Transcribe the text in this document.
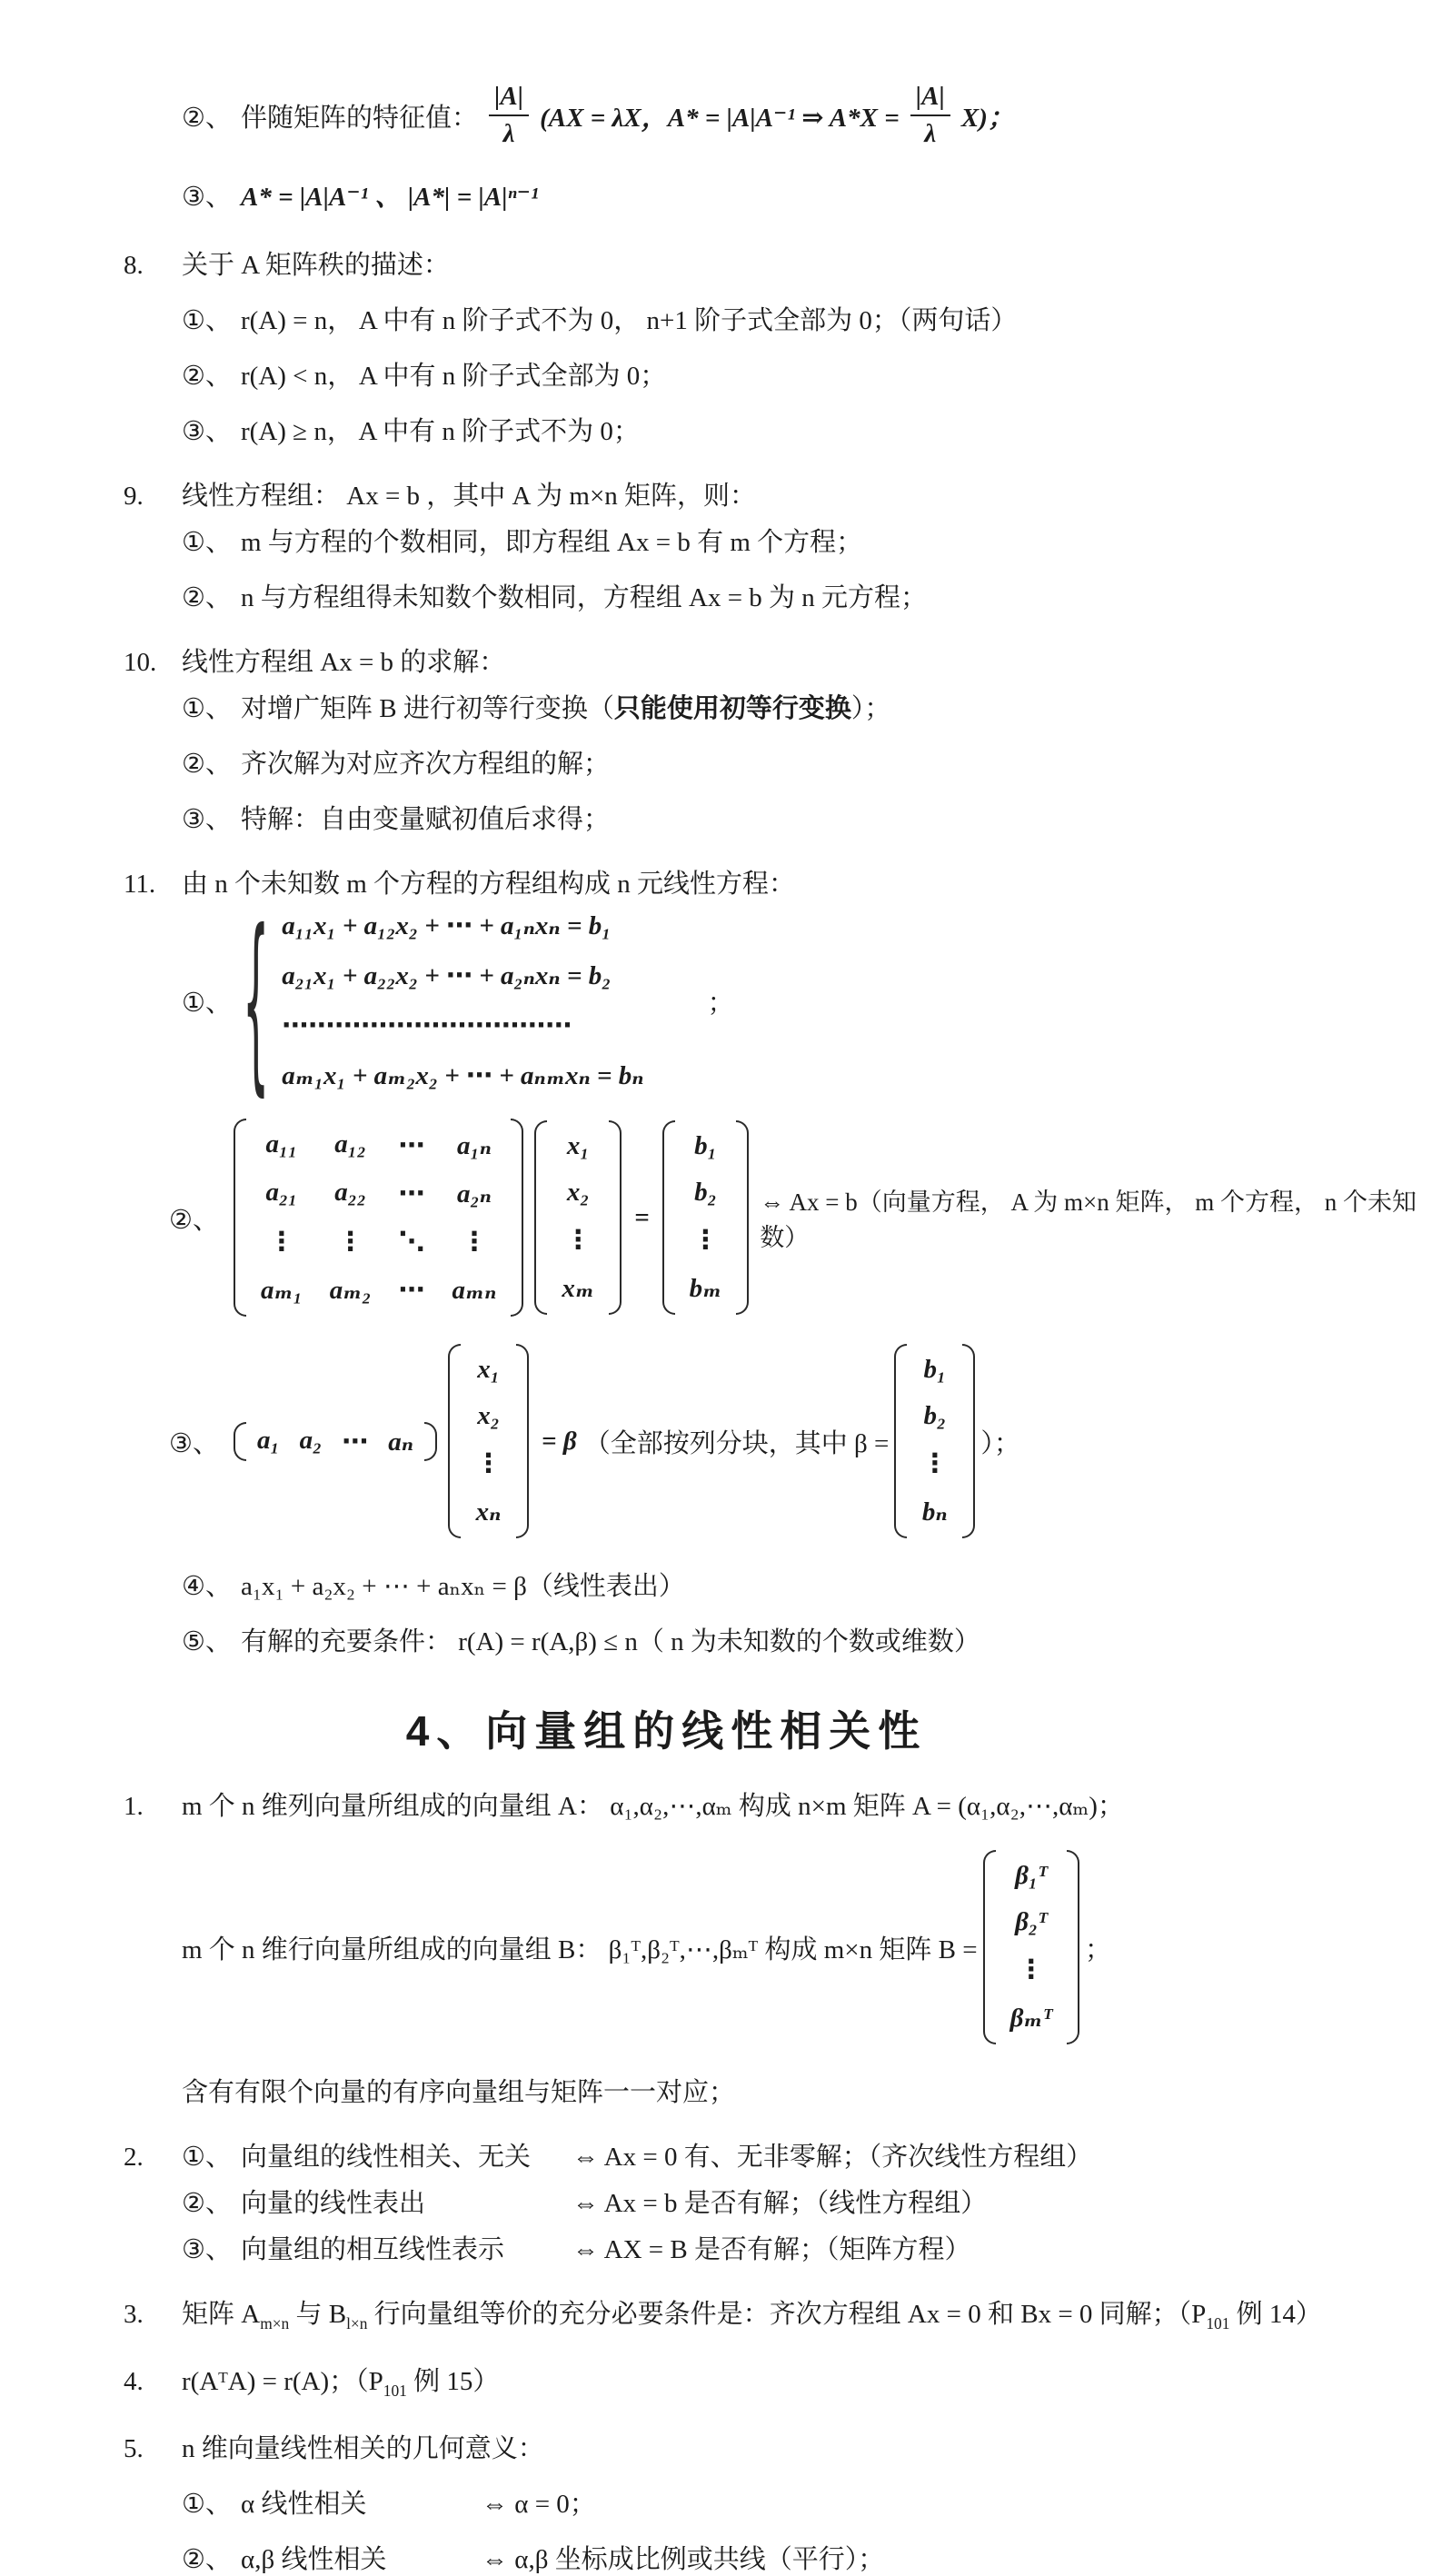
②、 伴随矩阵的特征值： $\frac{|A|}{\lambda} (AX = \lambda X$，A* = |A|A⁻¹ ⇒ $A*X = \frac{|A|}{\lambda} X$)；
③、 A* = |A|A⁻¹ 、 |A*| = |A|ⁿ⁻¹
8.	关于 A 矩阵秩的描述：
①、 r(A) = n， A 中有 n 阶子式不为 0， n+1 阶子式全部为 0；（两句话）
②、 r(A) < n， A 中有 n 阶子式全部为 0；
③、 r(A) ≥ n， A 中有 n 阶子式不为 0；
9.	线性方程组： Ax = b ，其中 A 为 m×n 矩阵，则：
①、 m 与方程的个数相同，即方程组 Ax = b 有 m 个方程；
②、 n 与方程组得未知数个数相同，方程组 Ax = b 为 n 元方程；
10. 线性方程组 Ax = b 的求解：
①、 对增广矩阵 B 进行初等行变换（ 只能使用初等行变换 ）；
②、 齐次解为对应齐次方程组的解；
③、 特解：自由变量赋初值后求得；
11. 由 n 个未知数 m 个方程的方程组构成 n 元线性方程：
①、 { a₁₁x₁ + a₁₂x₂ + ⋯ + a₁ₙxₙ = b₁
a₂₁x₁ + a₂₂x₂ + ⋯ + a₂ₙxₙ = b₂
⋯⋯⋯⋯⋯⋯⋯⋯⋯⋯⋯
aₘ₁x₁ + aₘ₂x₂ + ⋯ + aₙₘxₙ = bₙ
；
②、
a₁₁ a₁₂ ⋯ a₁ₙ
a₂₁ a₂₂ ⋯ a₂ₙ
⋮ ⋮ ⋱ ⋮
aₘ₁ aₘ₂ ⋯ aₘₙ
x₁
x₂
⋮
xₘ
=
b₁
b₂
⋮
bₘ
⇔ Ax = b（向量方程， A 为 m×n 矩阵， m 个方程， n 个未知数）
③、 a₁ a₂ ⋯ aₙ
x₁
x₂
⋮
xₙ
= β （全部按列分块，其中 β =
b₁
b₂
⋮
bₙ
）；
④、 a₁x₁ + a₂x₂ + ⋯ + aₙxₙ = β（线性表出）
⑤、 有解的充要条件： r(A) = r(A,β) ≤ n（ n 为未知数的个数或维数）
4、向量组的线性相关性
1.	m 个 n 维列向量所组成的向量组 A： α₁,α₂,⋯,αₘ 构成 n×m 矩阵 A = (α₁,α₂,⋯,αₘ)；
m 个 n 维行向量所组成的向量组 B： β₁ᵀ,β₂ᵀ,⋯,βₘᵀ 构成 m×n 矩阵 B =
β₁ᵀ
β₂ᵀ
⋮
βₘᵀ
；
含有有限个向量的有序向量组与矩阵一一对应；
2.	①、 向量组的线性相关、无关 ⇔ Ax = 0 有、无非零解；（齐次线性方程组）
②、 向量的线性表出	⇔ Ax = b 是否有解；（线性方程组）
③、 向量组的相互线性表示	⇔ AX = B 是否有解；（矩阵方程）
3.	矩阵 $A_{m\times n}$ 与 $B_{l\times n}$ 行向量组等价的充分必要条件是：齐次方程组 Ax = 0 和 Bx = 0 同解；（$P_{101}$ 例 14）
4.	r(AᵀA) = r(A)；（$P_{101}$ 例 15）
5.	n 维向量线性相关的几何意义：
①、 α 线性相关	⇔ α = 0；
②、 α,β 线性相关	⇔ α,β 坐标成比例或共线（平行）；
